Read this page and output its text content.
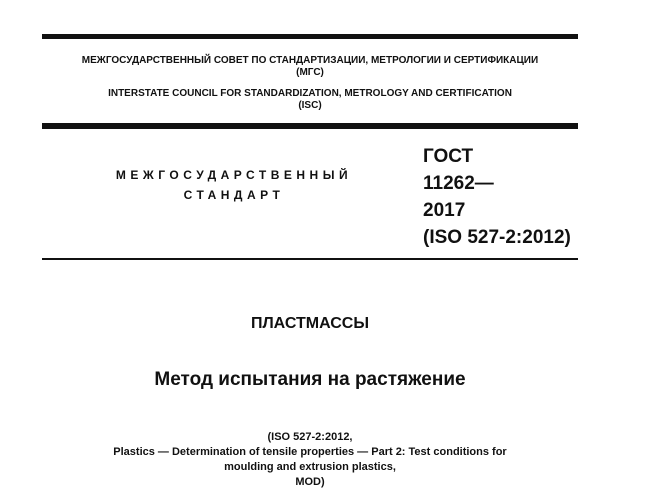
МЕЖГОСУДАРСТВЕННЫЙ СОВЕТ ПО СТАНДАРТИЗАЦИИ, МЕТРОЛОГИИ И СЕРТИФИКАЦИИ
(МГС)
INTERSTATE COUNCIL FOR STANDARDIZATION, METROLOGY AND CERTIFICATION
(ISC)
МЕЖГОСУДАРСТВЕННЫЙ
СТАНДАРТ
ГОСТ
11262—
2017
(ISO 527-2:2012)
ПЛАСТМАССЫ
Метод испытания на растяжение
(ISO 527-2:2012,
Plastics — Determination of tensile properties — Part 2: Test conditions for
moulding and extrusion plastics,
MOD)
